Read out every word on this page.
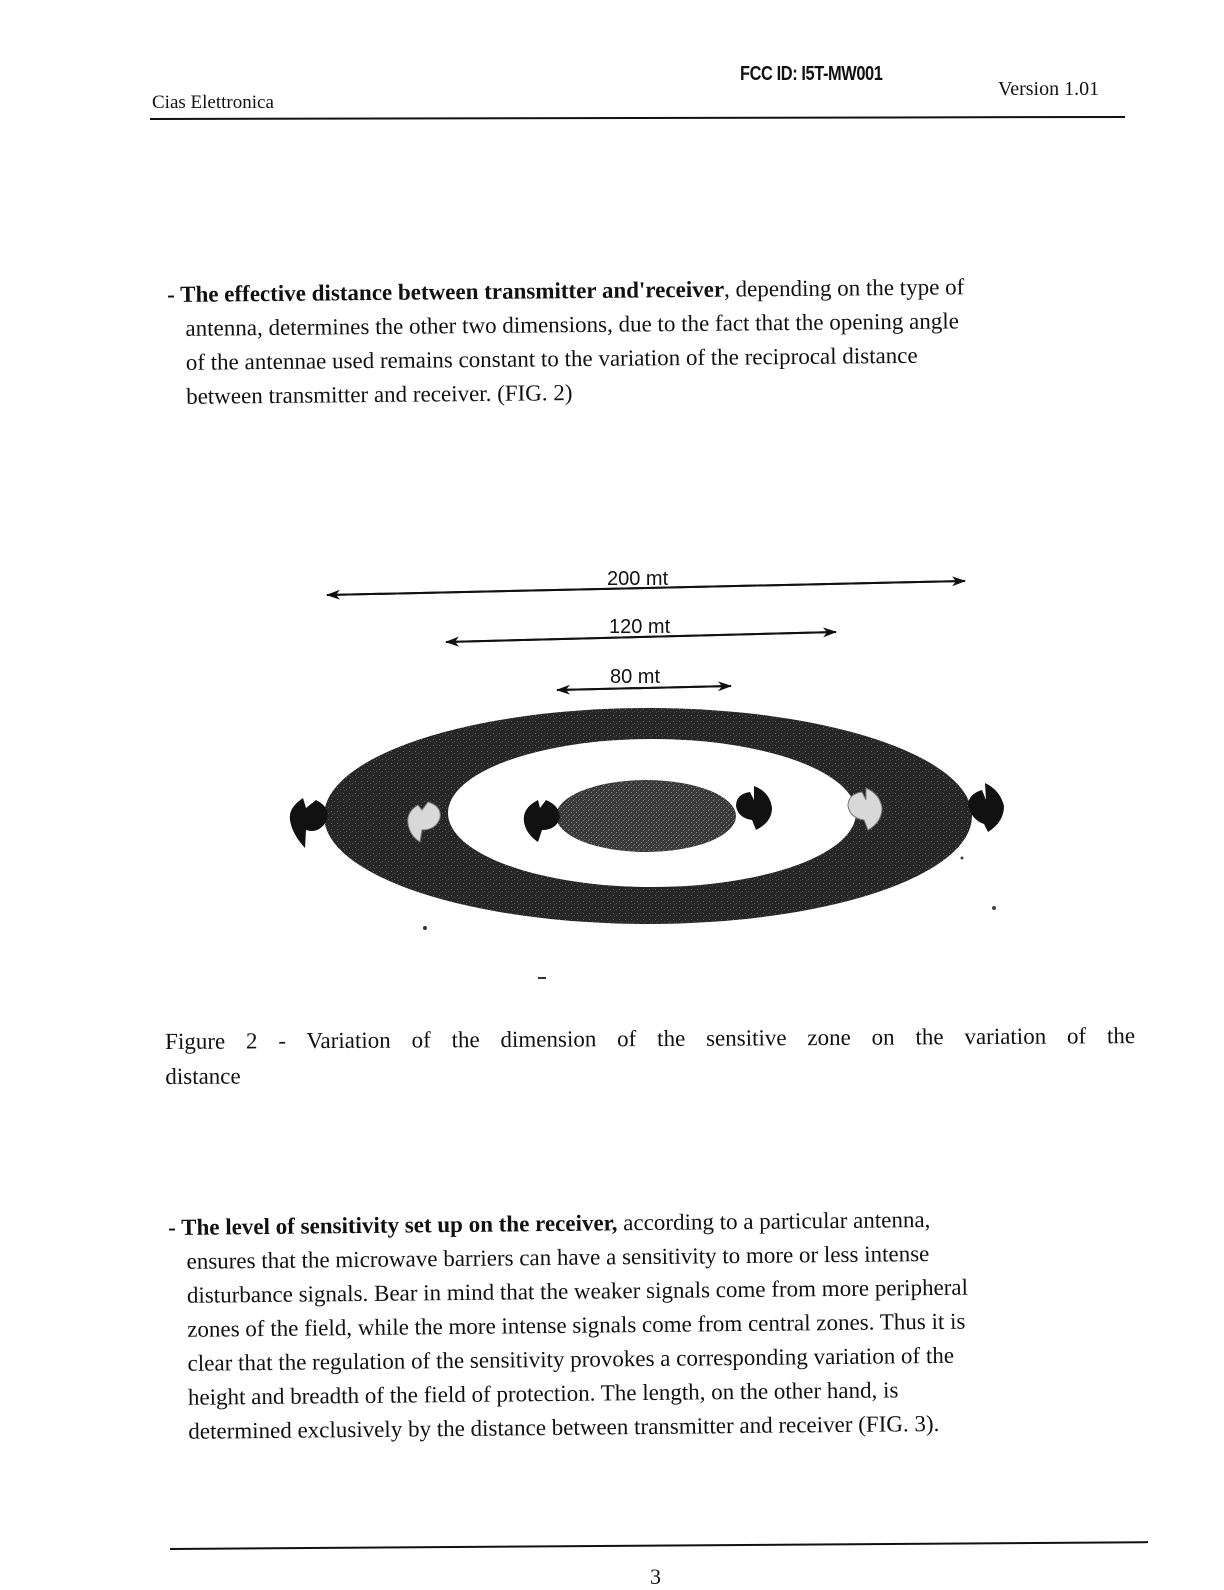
Cias Elettronica
FCC ID: I5T-MW001
Version 1.01
- The effective distance between transmitter and'receiver, depending on the type of
antenna, determines the other two dimensions, due to the fact that the opening angle
of the antennae used remains constant to the variation of the reciprocal distance
between transmitter and receiver. (FIG. 2)
200 mt
120 mt
80 mt
Figure 2 - Variation of the dimension of the sensitive zone on the variation of the
distance
- The level of sensitivity set up on the receiver, according to a particular antenna,
ensures that the microwave barriers can have a sensitivity to more or less intense
disturbance signals. Bear in mind that the weaker signals come from more peripheral
zones of the field, while the more intense signals come from central zones. Thus it is
clear that the regulation of the sensitivity provokes a corresponding variation of the
height and breadth of the field of protection. The length, on the other hand, is
determined exclusively by the distance between transmitter and receiver (FIG. 3).
3
